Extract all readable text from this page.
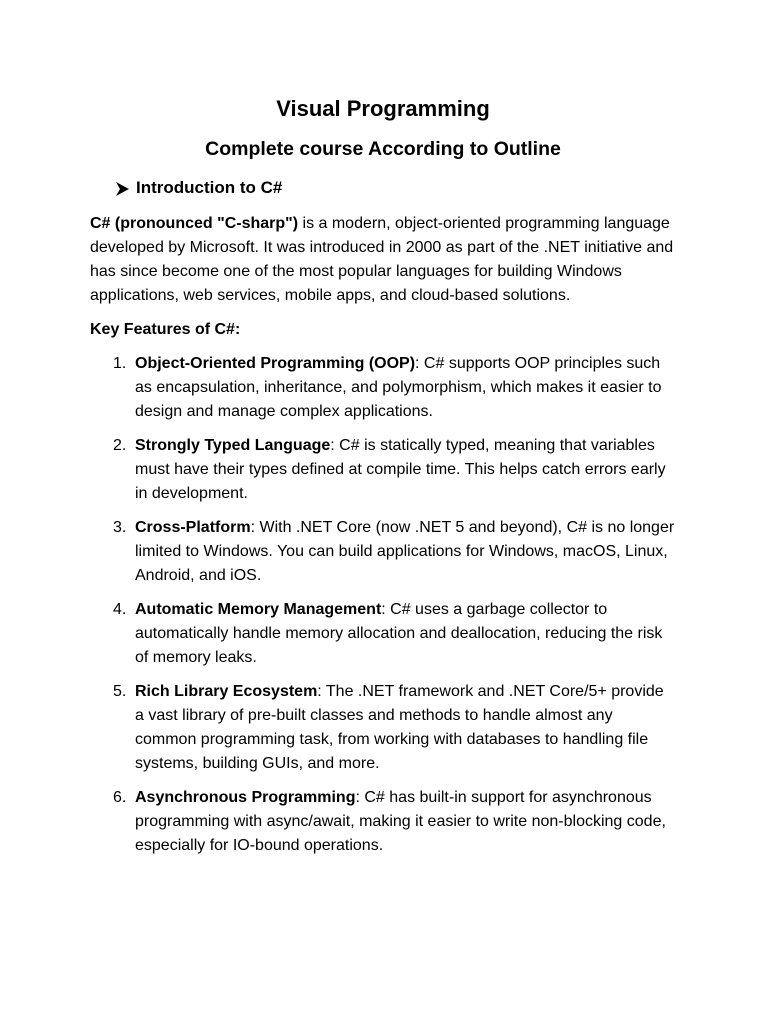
Visual Programming
Complete course According to Outline
Introduction to C#

C# (pronounced "C-sharp") is a modern, object-oriented programming language developed by Microsoft. It was introduced in 2000 as part of the .NET initiative and has since become one of the most popular languages for building Windows applications, web services, mobile apps, and cloud-based solutions.

Key Features of C#:

1. Object-Oriented Programming (OOP): C# supports OOP principles such as encapsulation, inheritance, and polymorphism, which makes it easier to design and manage complex applications.
2. Strongly Typed Language: C# is statically typed, meaning that variables must have their types defined at compile time. This helps catch errors early in development.
3. Cross-Platform: With .NET Core (now .NET 5 and beyond), C# is no longer limited to Windows. You can build applications for Windows, macOS, Linux, Android, and iOS.
4. Automatic Memory Management: C# uses a garbage collector to automatically handle memory allocation and deallocation, reducing the risk of memory leaks.
5. Rich Library Ecosystem: The .NET framework and .NET Core/5+ provide a vast library of pre-built classes and methods to handle almost any common programming task, from working with databases to handling file systems, building GUIs, and more.
6. Asynchronous Programming: C# has built-in support for asynchronous programming with async/await, making it easier to write non-blocking code, especially for IO-bound operations.
